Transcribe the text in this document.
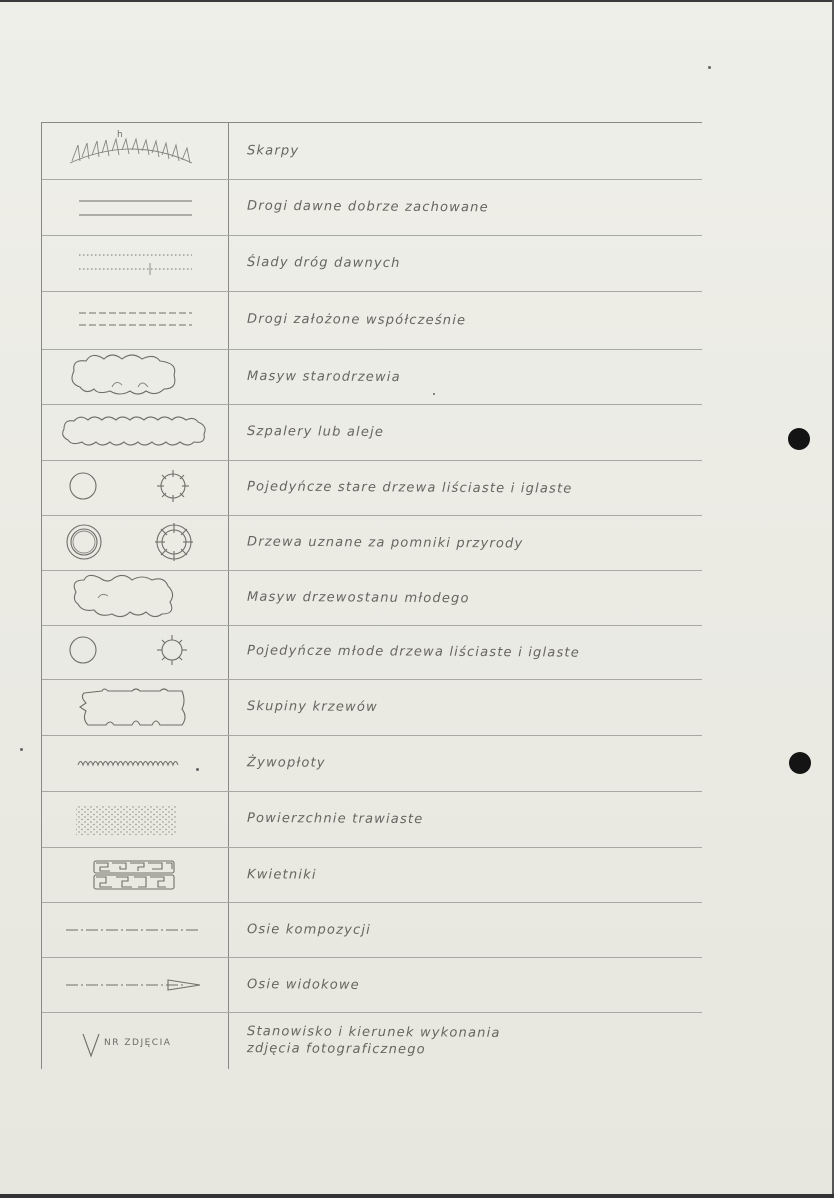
h
Skarpy
Drogi dawne dobrze zachowane
Ślady dróg dawnych
Drogi założone współcześnie
Masyw starodrzewia
Szpalery lub aleje
Pojedyńcze stare drzewa liściaste i iglaste
Drzewa uznane za pomniki przyrody
Masyw drzewostanu młodego
Pojedyńcze młode drzewa liściaste i iglaste
Skupiny krzewów
Żywopłoty
Powierzchnie trawiaste
Kwietniki
Osie kompozycji
Osie widokowe
NR ZDJĘCIA
Stanowisko i kierunek wykonania
zdjęcia fotograficznego
